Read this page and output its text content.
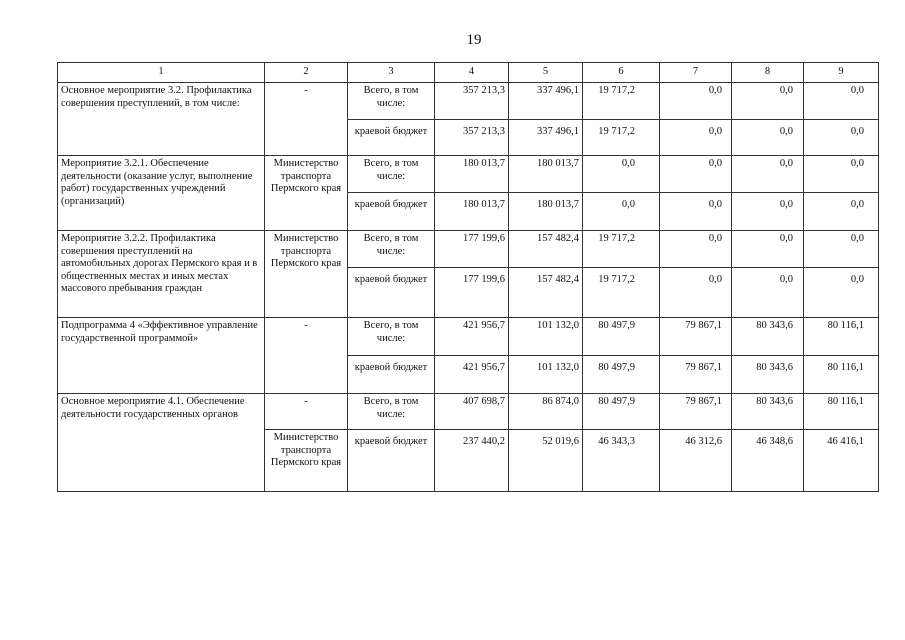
19
1	2	3	4	5	6	7	8	9
Основное мероприятие 3.2. Профилактика совершения преступлений, в том числе:	-	Всего, в том числе:	357 213,3	337 496,1	19 717,2	0,0	0,0	0,0
		краевой бюджет	357 213,3	337 496,1	19 717,2	0,0	0,0	0,0
Мероприятие 3.2.1. Обеспечение деятельности (оказание услуг, выполнение работ) государственных учреждений (организаций)	Министерство транспорта Пермского края	Всего, в том числе:	180 013,7	180 013,7	0,0	0,0	0,0	0,0
		краевой бюджет	180 013,7	180 013,7	0,0	0,0	0,0	0,0
Мероприятие 3.2.2. Профилактика совершения преступлений на автомобильных дорогах Пермского края и в общественных местах и иных местах массового пребывания граждан	Министерство транспорта Пермского края	Всего, в том числе:	177 199,6	157 482,4	19 717,2	0,0	0,0	0,0
		краевой бюджет	177 199,6	157 482,4	19 717,2	0,0	0,0	0,0
Подпрограмма 4 «Эффективное управление государственной программой»	-	Всего, в том числе:	421 956,7	101 132,0	80 497,9	79 867,1	80 343,6	80 116,1
		краевой бюджет	421 956,7	101 132,0	80 497,9	79 867,1	80 343,6	80 116,1
Основное мероприятие 4.1. Обеспечение деятельности государственных органов	-	Всего, в том числе:	407 698,7	86 874,0	80 497,9	79 867,1	80 343,6	80 116,1
	Министерство транспорта Пермского края	краевой бюджет	237 440,2	52 019,6	46 343,3	46 312,6	46 348,6	46 416,1
